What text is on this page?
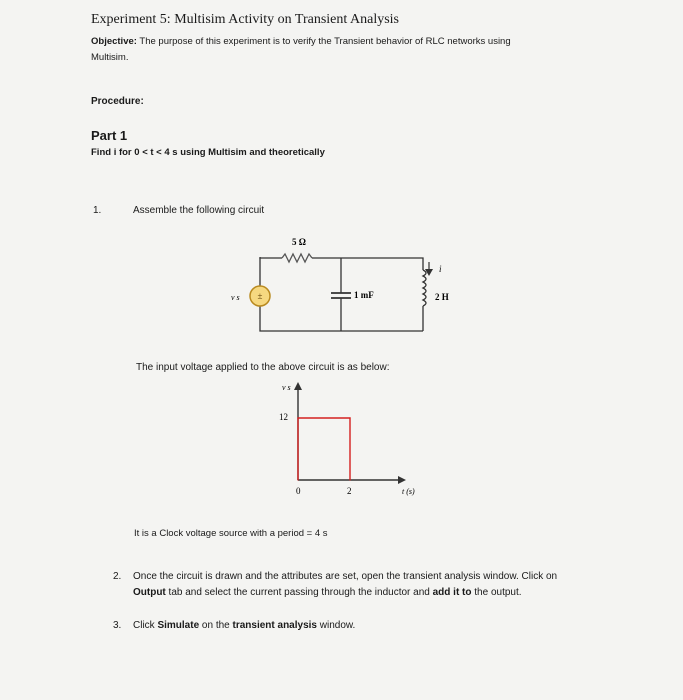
Experiment 5: Multisim Activity on Transient Analysis
Objective: The purpose of this experiment is to verify the Transient behavior of RLC networks using Multisim.
Procedure:
Part 1
Find i for 0 < t < 4 s using Multisim and theoretically
1.	Assemble the following circuit
±
5 Ω
v s	1 mF	2 H
i
The input voltage applied to the above circuit is as below:
v s
12
0	2	t (s)
It is a Clock voltage source with a period = 4 s
2. Once the circuit is drawn and the attributes are set, open the transient analysis window. Click on Output tab and select the current passing through the inductor and add it to the output.
3. Click Simulate on the transient analysis window.
